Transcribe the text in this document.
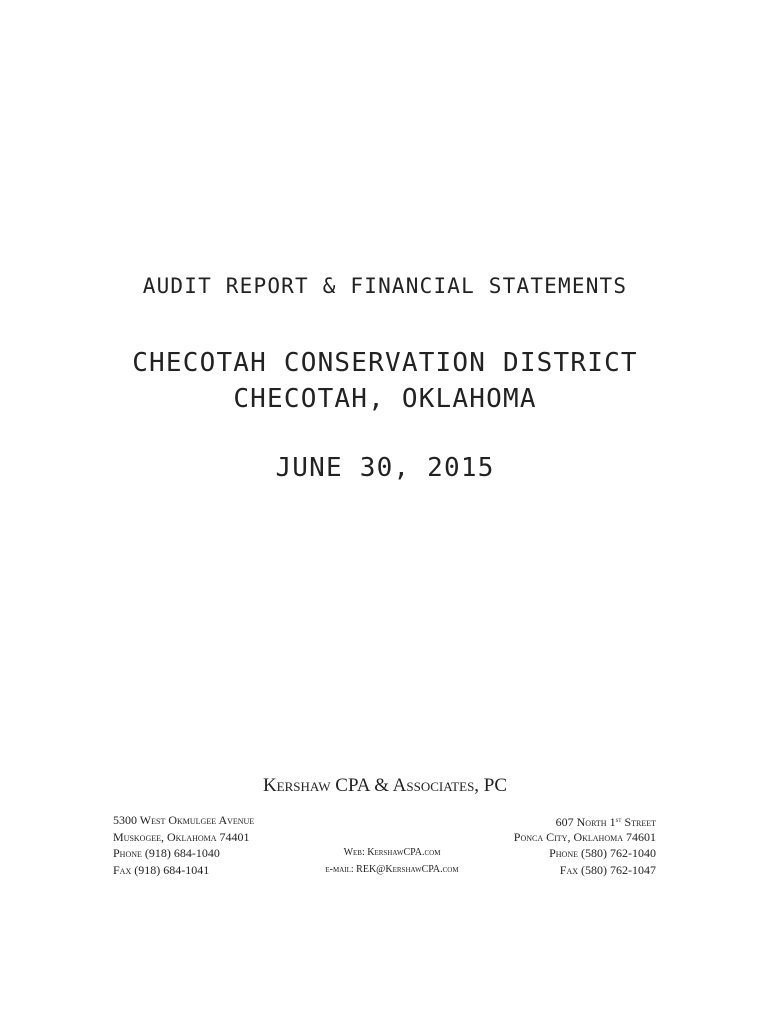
AUDIT REPORT & FINANCIAL STATEMENTS
CHECOTAH CONSERVATION DISTRICT
CHECOTAH, OKLAHOMA
JUNE 30, 2015
Kershaw CPA & Associates, PC
5300 West Okmulgee Avenue
Muskogee, Oklahoma 74401
Phone (918) 684-1040
Fax (918) 684-1041
Web: KershawCPA.com
e-mail: REK@KershawCPA.com
607 North 1st Street
Ponca City, Oklahoma 74601
Phone (580) 762-1040
Fax (580) 762-1047
